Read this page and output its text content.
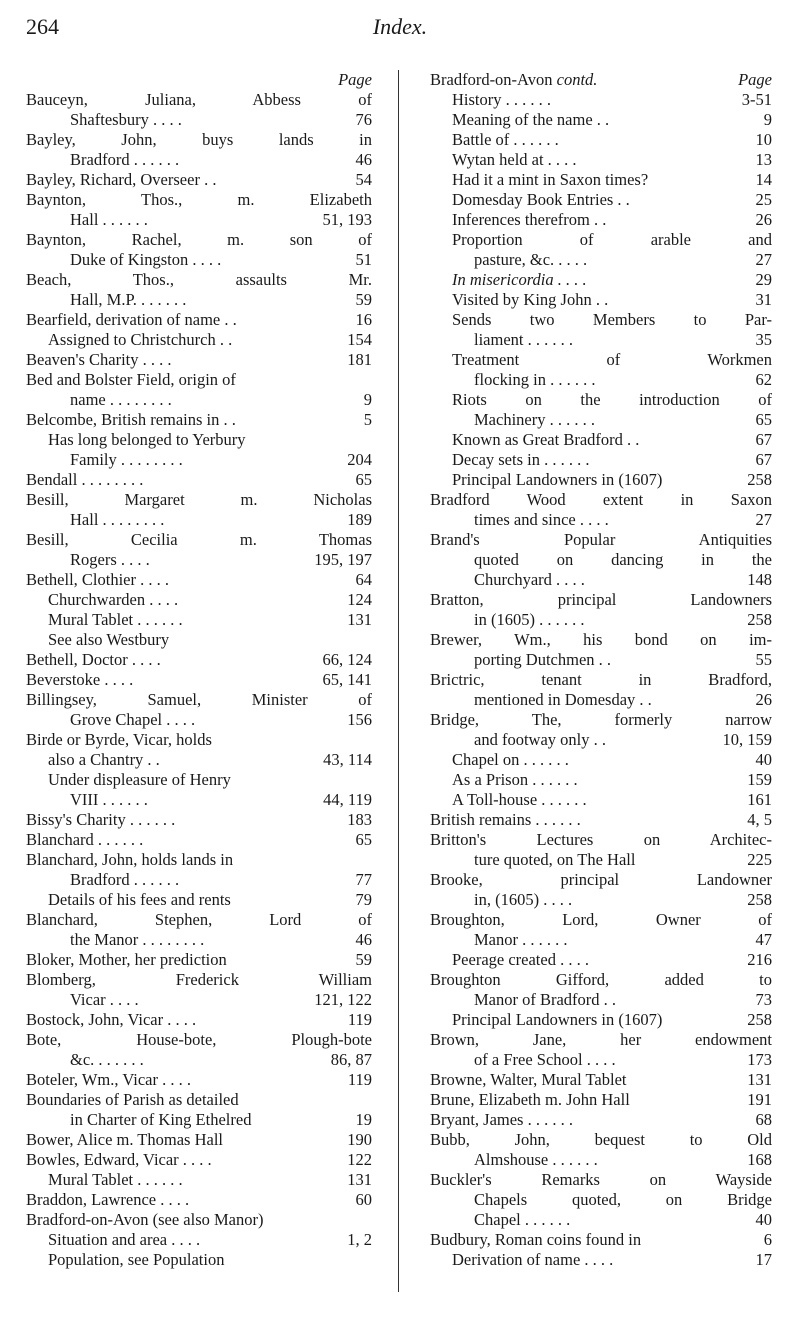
264	Index.
Page
Bauceyn, Juliana, Abbess of
Shaftesbury . . . .	76
Bayley, John, buys lands in
Bradford . . . . . .	46
Bayley, Richard, Overseer . .	54
Baynton, Thos., m. Elizabeth
Hall . . . . . .	51, 193
Baynton, Rachel, m. son of
Duke of Kingston . . . .	51
Beach, Thos., assaults Mr.
Hall, M.P. . . . . . .	59
Bearfield, derivation of name . .	16
Assigned to Christchurch . .	154
Beaven's Charity . . . .	181
Bed and Bolster Field, origin of
name . . . . . . . .	9
Belcombe, British remains in . .	5
Has long belonged to Yerbury
Family . . . . . . . .	204
Bendall . . . . . . . .	65
Besill, Margaret m. Nicholas
Hall . . . . . . . .	189
Besill, Cecilia m. Thomas
Rogers . . . .	195, 197
Bethell, Clothier . . . .	64
Churchwarden . . . .	124
Mural Tablet . . . . . .	131
See also Westbury
Bethell, Doctor . . . .	66, 124
Beverstoke . . . .	65, 141
Billingsey, Samuel, Minister of
Grove Chapel . . . .	156
Birde or Byrde, Vicar, holds
also a Chantry . .	43, 114
Under displeasure of Henry
VIII . . . . . .	44, 119
Bissy's Charity . . . . . .	183
Blanchard . . . . . .	65
Blanchard, John, holds lands in
Bradford . . . . . .	77
Details of his fees and rents	79
Blanchard, Stephen, Lord of
the Manor . . . . . . . .	46
Bloker, Mother, her prediction	59
Blomberg, Frederick William
Vicar . . . .	121, 122
Bostock, John, Vicar . . . .	119
Bote, House-bote, Plough-bote
&c. . . . . . .	86, 87
Boteler, Wm., Vicar . . . .	119
Boundaries of Parish as detailed
in Charter of King Ethelred	19
Bower, Alice m. Thomas Hall	190
Bowles, Edward, Vicar . . . .	122
Mural Tablet . . . . . .	131
Braddon, Lawrence . . . .	60
Bradford-on-Avon (see also Manor)
Situation and area . . . .	1, 2
Population, see Population
Bradford-on-Avon contd.	Page
History . . . . . .	3-51
Meaning of the name . .	9
Battle of . . . . . .	10
Wytan held at . . . .	13
Had it a mint in Saxon times?	14
Domesday Book Entries . .	25
Inferences therefrom . .	26
Proportion of arable and
pasture, &c. . . . .	27
In misericordia . . . .	29
Visited by King John . .	31
Sends two Members to Par-
liament . . . . . .	35
Treatment of Workmen
flocking in . . . . . .	62
Riots on the introduction of
Machinery . . . . . .	65
Known as Great Bradford . .	67
Decay sets in . . . . . .	67
Principal Landowners in (1607)	258
Bradford Wood extent in Saxon
times and since . . . .	27
Brand's Popular Antiquities
quoted on dancing in the
Churchyard . . . .	148
Bratton, principal Landowners
in (1605) . . . . . .	258
Brewer, Wm., his bond on im-
porting Dutchmen . .	55
Brictric, tenant in Bradford,
mentioned in Domesday . .	26
Bridge, The, formerly narrow
and footway only . .	10, 159
Chapel on . . . . . .	40
As a Prison . . . . . .	159
A Toll-house . . . . . .	161
British remains . . . . . .	4, 5
Britton's Lectures on Architec-
ture quoted, on The Hall	225
Brooke, principal Landowner
in, (1605) . . . .	258
Broughton, Lord, Owner of
Manor . . . . . .	47
Peerage created . . . .	216
Broughton Gifford, added to
Manor of Bradford . .	73
Principal Landowners in (1607)	258
Brown, Jane, her endowment
of a Free School . . . .	173
Browne, Walter, Mural Tablet	131
Brune, Elizabeth m. John Hall	191
Bryant, James . . . . . .	68
Bubb, John, bequest to Old
Almshouse . . . . . .	168
Buckler's Remarks on Wayside
Chapels quoted, on Bridge
Chapel . . . . . .	40
Budbury, Roman coins found in	6
Derivation of name . . . .	17
